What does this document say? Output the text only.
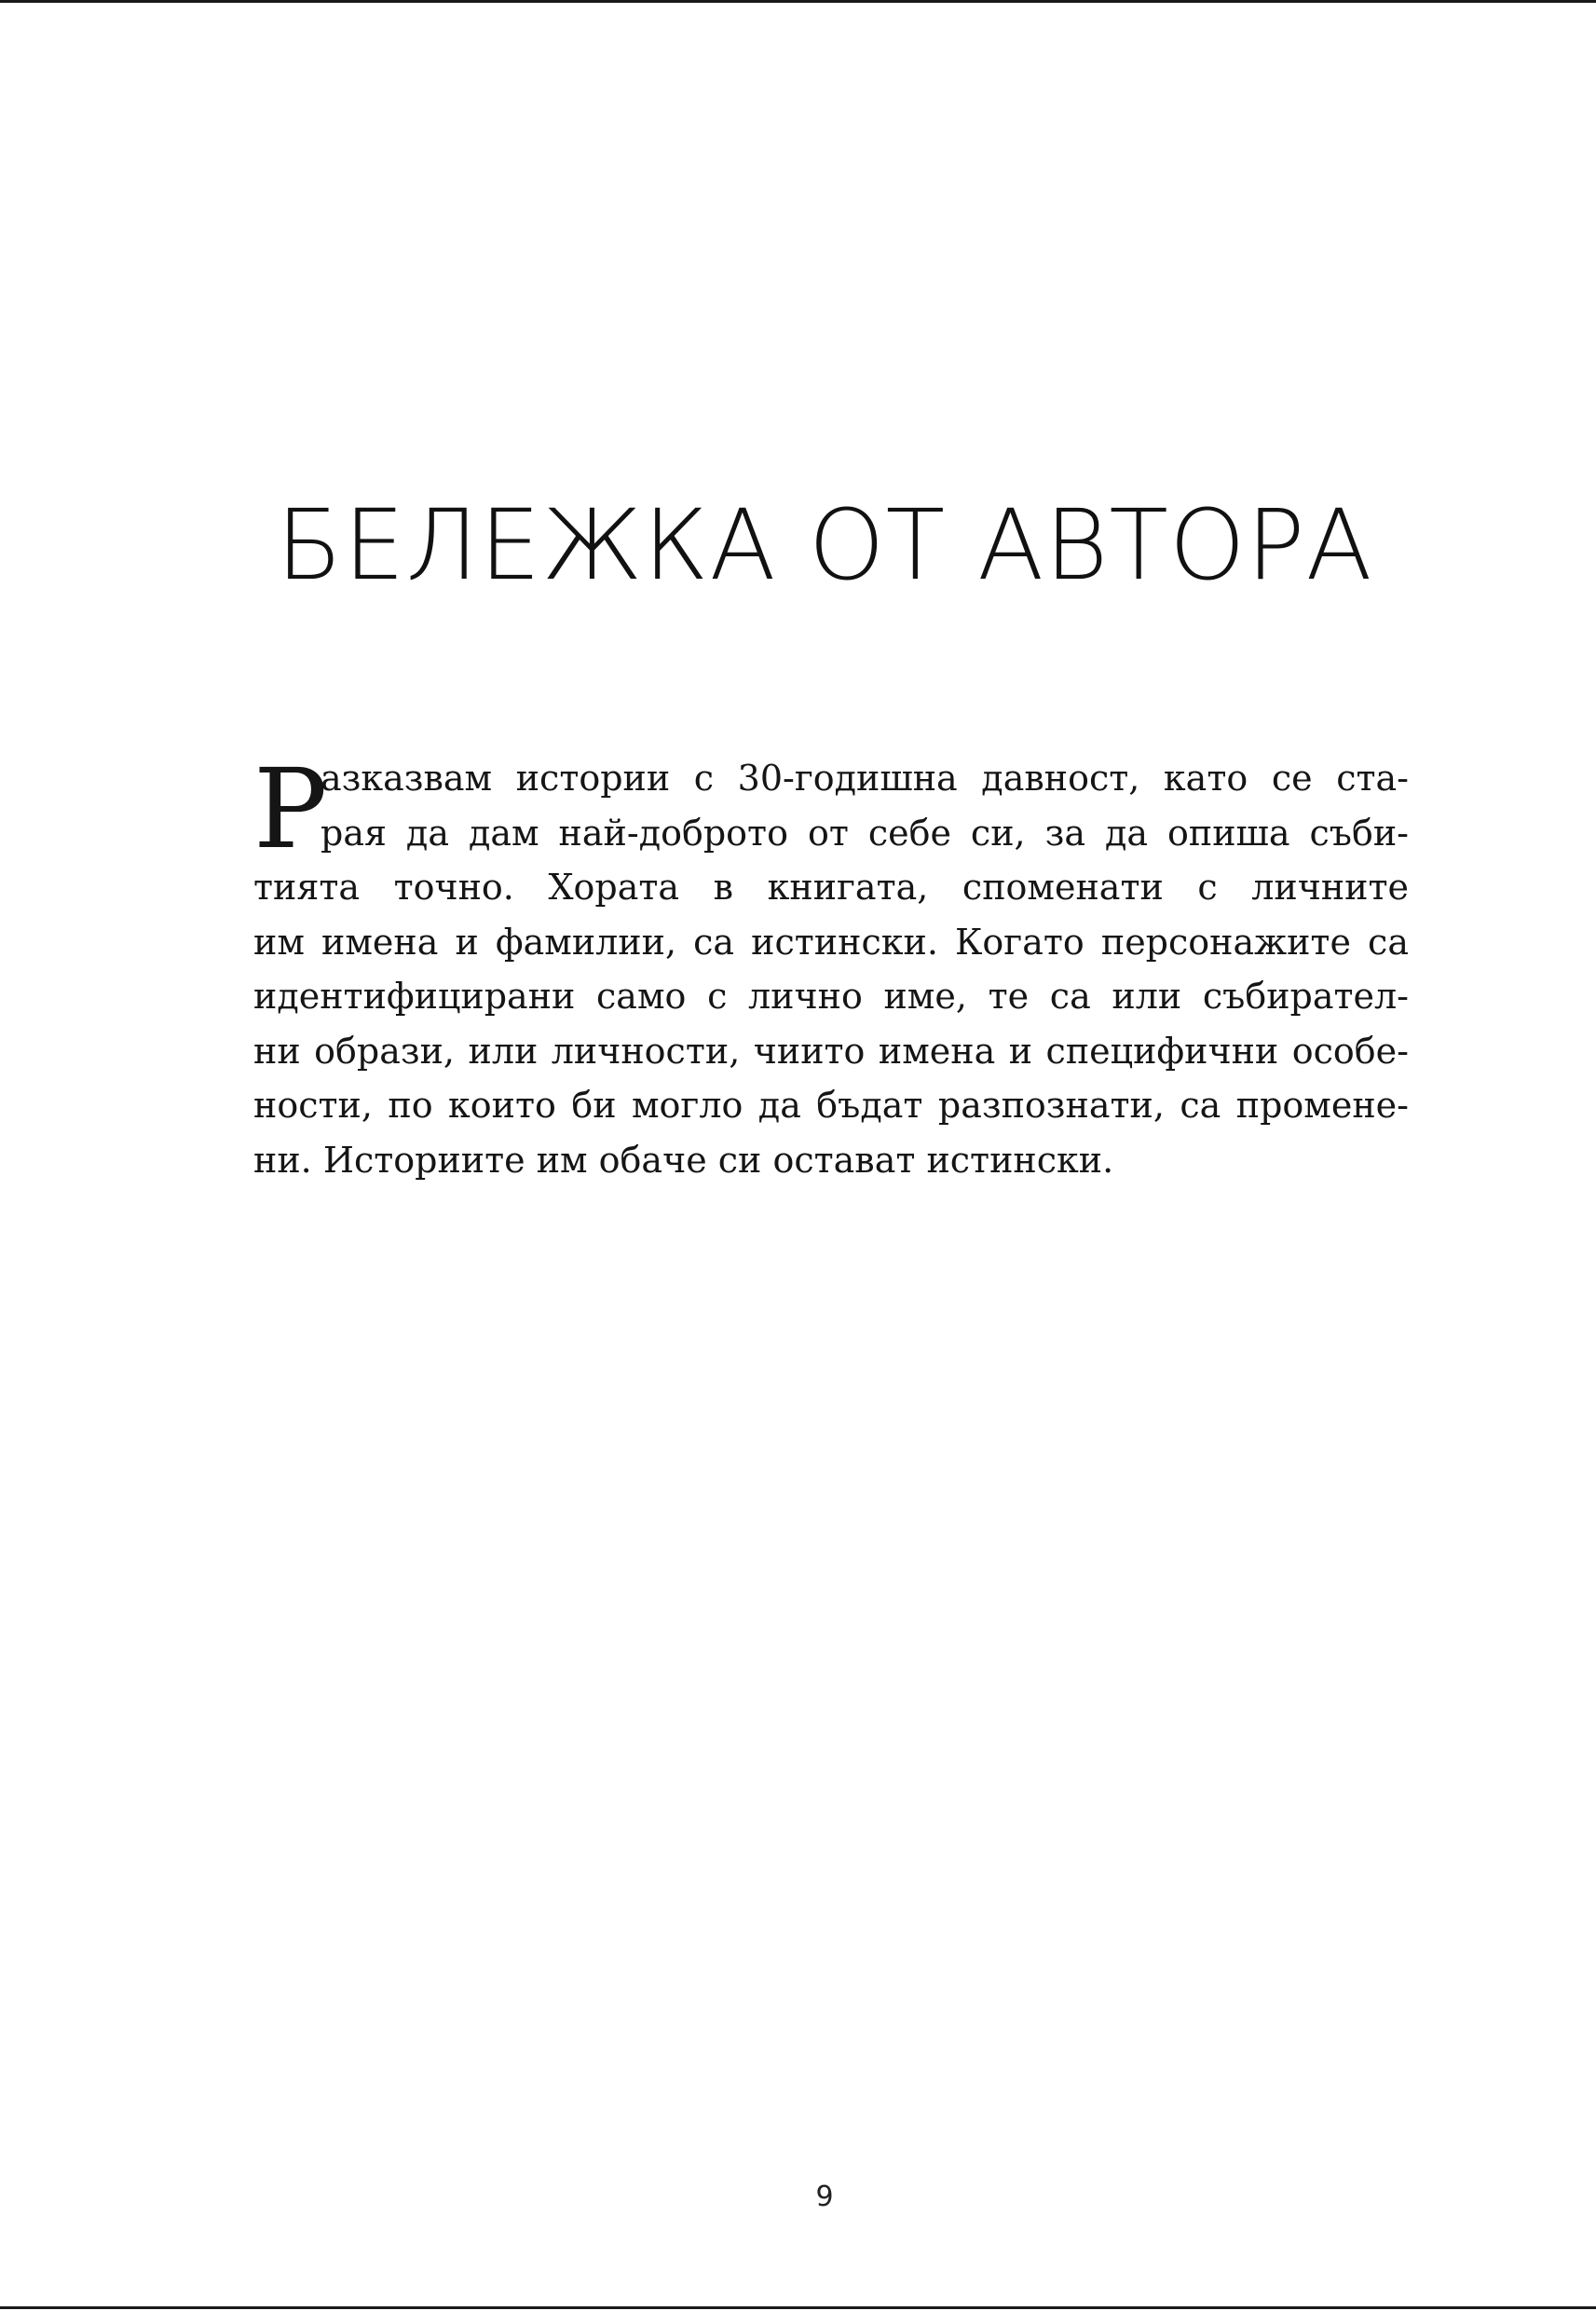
БЕЛЕЖКА ОТ АВТОРА
Р
азказвам истории с 30-годишна давност, като се ста-
рая да дам най-доброто от себе си, за да опиша съби-
тията точно. Хората в книгата, споменати с личните
им имена и фамилии, са истински. Когато персонажите са
идентифицирани само с лично име, те са или събирател-
ни образи, или личности, чиито имена и специфични особе-
ности, по които би могло да бъдат разпознати, са промене-
ни. Историите им обаче си остават истински.
9
